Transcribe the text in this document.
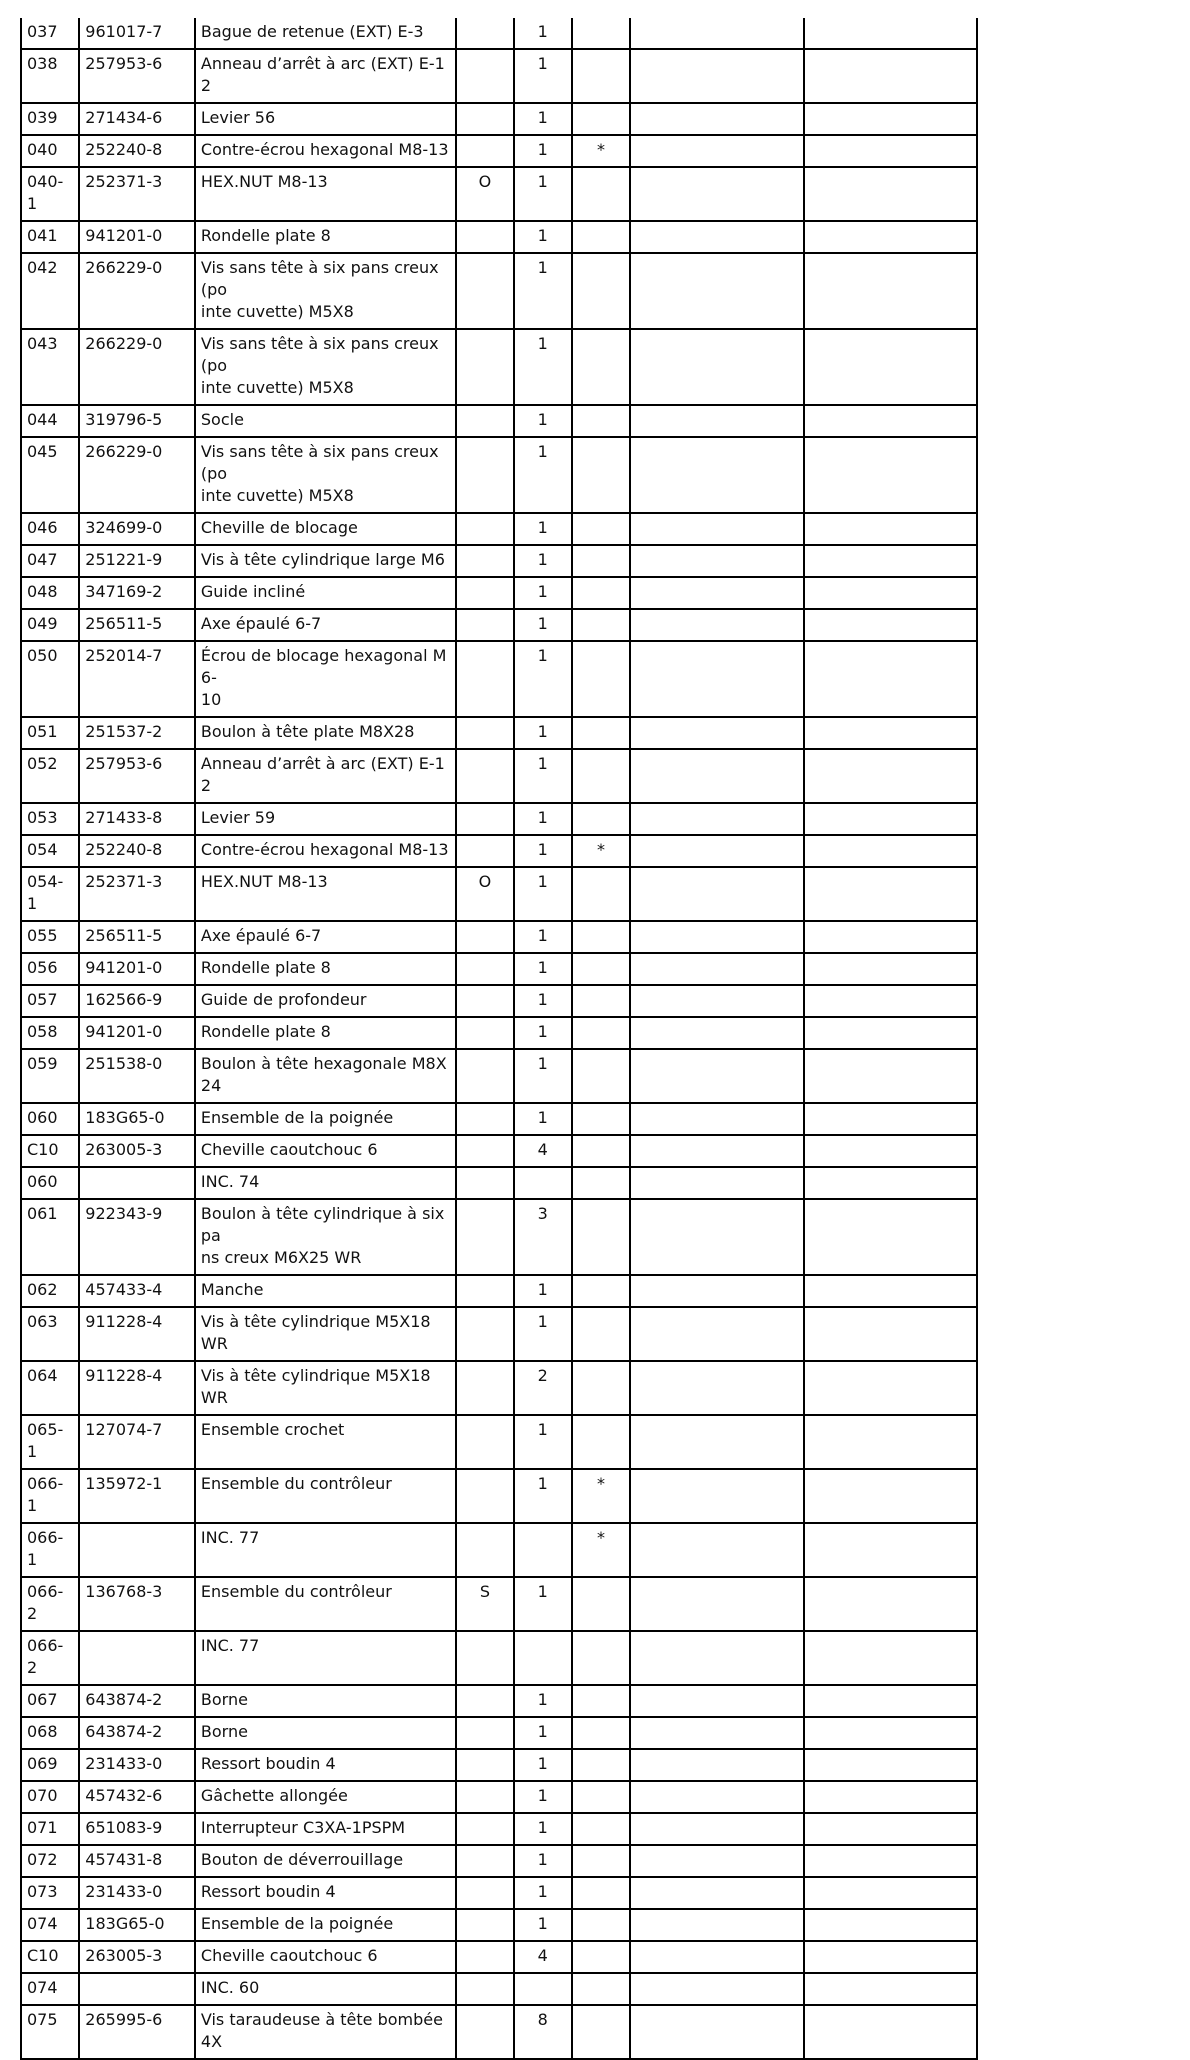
037	961017-7	Bague de retenue (EXT) E-3		1			
038	257953-6	Anneau d’arrêt à arc (EXT) E-12		1			
039	271434-6	Levier 56		1			
040	252240-8	Contre-écrou hexagonal M8-13		1	*		
040-1	252371-3	HEX.NUT M8-13	O	1			
041	941201-0	Rondelle plate 8		1			
042	266229-0	Vis sans tête à six pans creux (po
inte cuvette) M5X8		1			
043	266229-0	Vis sans tête à six pans creux (po
inte cuvette) M5X8		1			
044	319796-5	Socle		1			
045	266229-0	Vis sans tête à six pans creux (po
inte cuvette) M5X8		1			
046	324699-0	Cheville de blocage		1			
047	251221-9	Vis à tête cylindrique large M6		1			
048	347169-2	Guide incliné		1			
049	256511-5	Axe épaulé 6-7		1			
050	252014-7	Écrou de blocage hexagonal M6-
10		1			
051	251537-2	Boulon à tête plate M8X28		1			
052	257953-6	Anneau d’arrêt à arc (EXT) E-12		1			
053	271433-8	Levier 59		1			
054	252240-8	Contre-écrou hexagonal M8-13		1	*		
054-1	252371-3	HEX.NUT M8-13	O	1			
055	256511-5	Axe épaulé 6-7		1			
056	941201-0	Rondelle plate 8		1			
057	162566-9	Guide de profondeur		1			
058	941201-0	Rondelle plate 8		1			
059	251538-0	Boulon à tête hexagonale M8X24		1			
060	183G65-0	Ensemble de la poignée		1			
C10	263005-3	Cheville caoutchouc 6		4			
060		INC. 74					
061	922343-9	Boulon à tête cylindrique à six pa
ns creux M6X25 WR		3			
062	457433-4	Manche		1			
063	911228-4	Vis à tête cylindrique M5X18 WR		1			
064	911228-4	Vis à tête cylindrique M5X18 WR		2			
065-1	127074-7	Ensemble crochet		1			
066-1	135972-1	Ensemble du contrôleur		1	*		
066-1		INC. 77			*		
066-2	136768-3	Ensemble du contrôleur	S	1			
066-2		INC. 77					
067	643874-2	Borne		1			
068	643874-2	Borne		1			
069	231433-0	Ressort boudin 4		1			
070	457432-6	Gâchette allongée		1			
071	651083-9	Interrupteur C3XA-1PSPM		1			
072	457431-8	Bouton de déverrouillage		1			
073	231433-0	Ressort boudin 4		1			
074	183G65-0	Ensemble de la poignée		1			
C10	263005-3	Cheville caoutchouc 6		4			
074		INC. 60					
075	265995-6	Vis taraudeuse à tête bombée 4X		8			
